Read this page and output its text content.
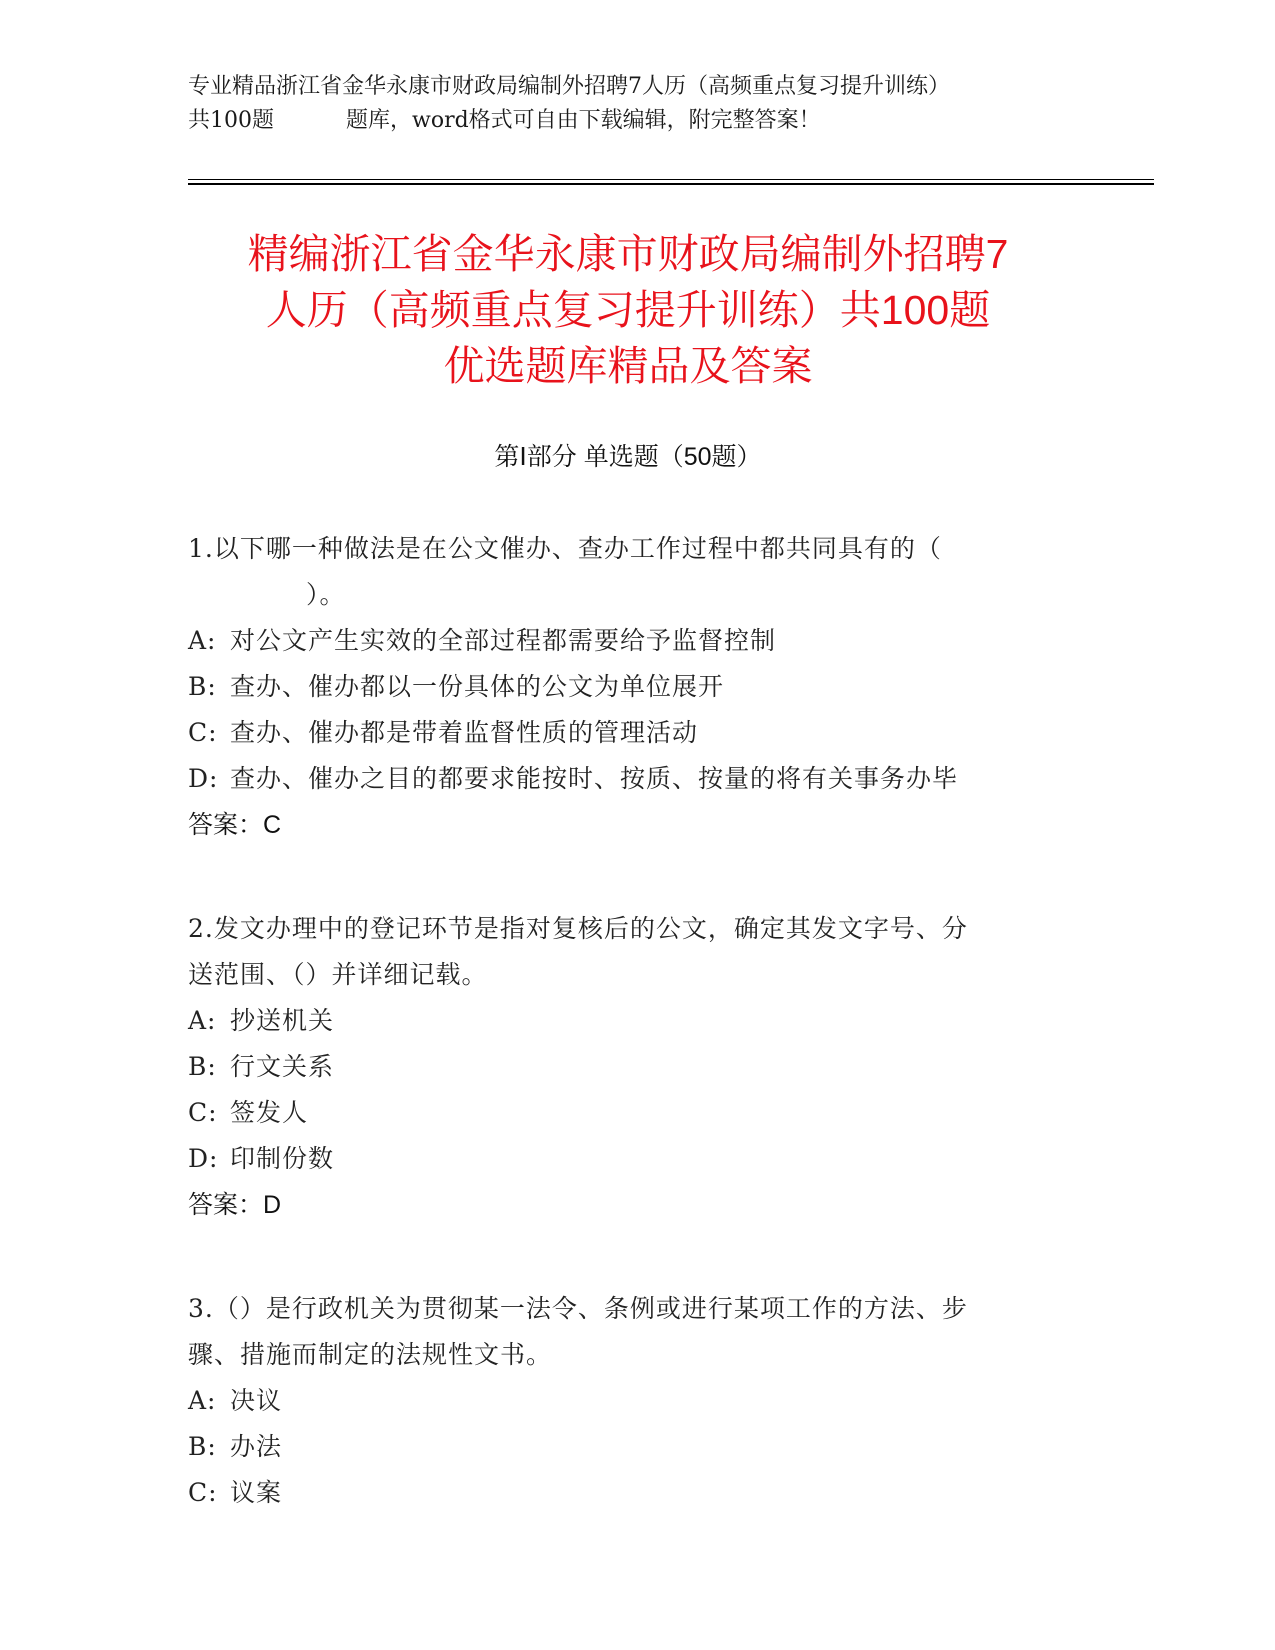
专业精品浙江省金华永康市财政局编制外招聘7人历（高频重点复习提升训练）
共100题	题库，word格式可自由下载编辑，附完整答案！
精编浙江省金华永康市财政局编制外招聘7
人历（高频重点复习提升训练）共100题
优选题库精品及答案
第Ⅰ部分 单选题（50题）
1.以下哪一种做法是在公文催办、查办工作过程中都共同具有的（
）。
A: 对公文产生实效的全部过程都需要给予监督控制
B: 查办、催办都以一份具体的公文为单位展开
C: 查办、催办都是带着监督性质的管理活动
D: 查办、催办之目的都要求能按时、按质、按量的将有关事务办毕
答案：C
2.发文办理中的登记环节是指对复核后的公文，确定其发文字号、分
送范围、（）并详细记载。
A: 抄送机关
B: 行文关系
C: 签发人
D: 印制份数
答案：D
3.（）是行政机关为贯彻某一法令、条例或进行某项工作的方法、步
骤、措施而制定的法规性文书。
A: 决议
B: 办法
C: 议案
